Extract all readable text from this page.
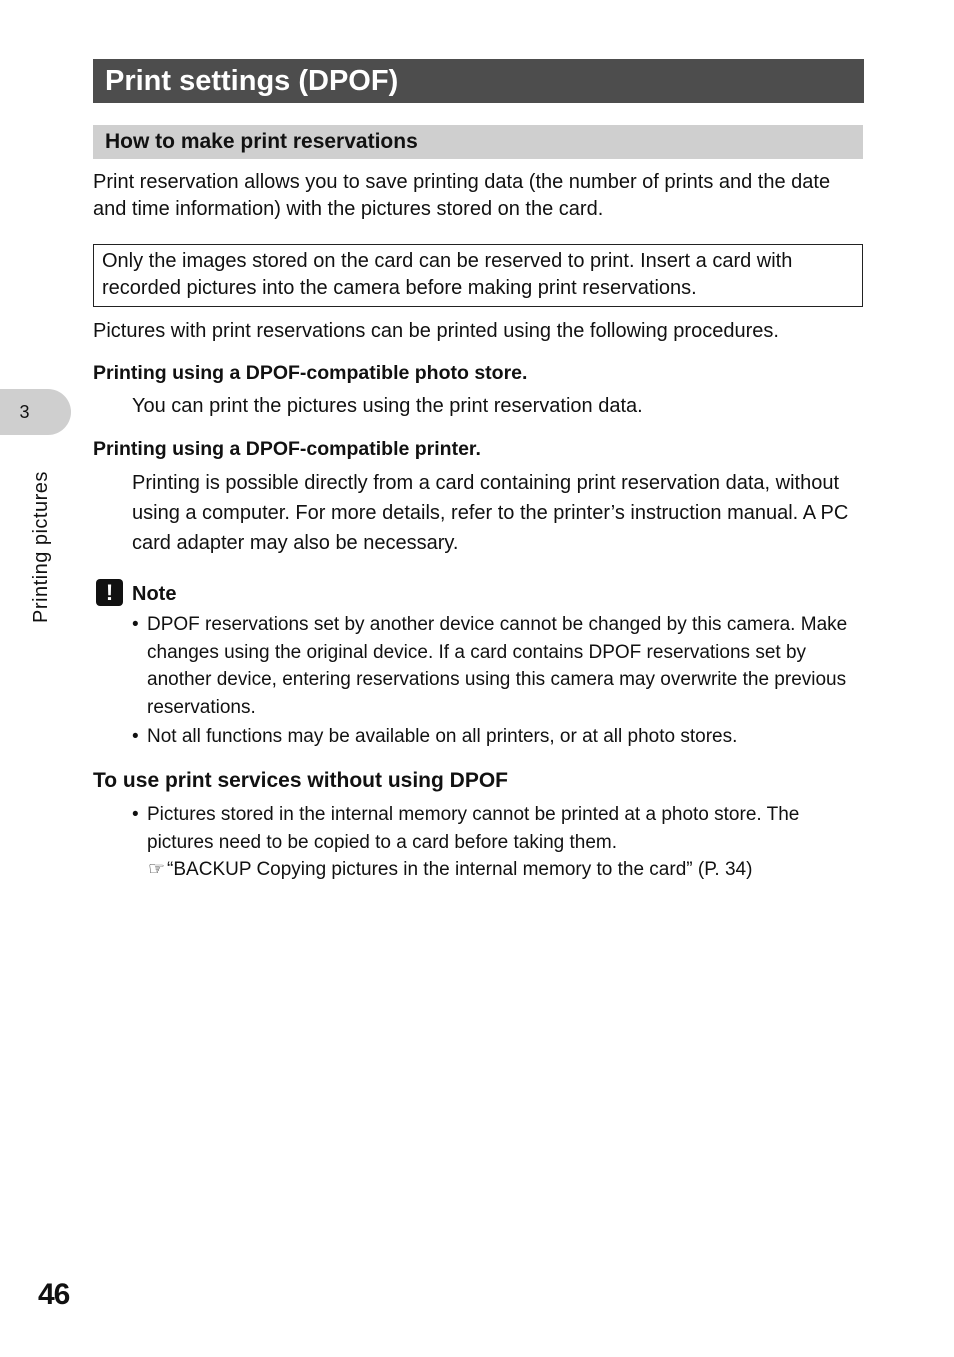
Print settings (DPOF)
How to make print reservations
Print reservation allows you to save printing data (the number of prints and the date and time information) with the pictures stored on the card.
Only the images stored on the card can be reserved to print. Insert a card with recorded pictures into the camera before making print reservations.
Pictures with print reservations can be printed using the following procedures.
Printing using a DPOF-compatible photo store.
You can print the pictures using the print reservation data.
Printing using a DPOF-compatible printer.
Printing is possible directly from a card containing print reservation data, without using a computer. For more details, refer to the printer’s instruction manual. A PC card adapter may also be necessary.
! Note
• DPOF reservations set by another device cannot be changed by this camera. Make changes using the original device. If a card contains DPOF reservations set by another device, entering reservations using this camera may overwrite the previous reservations.
• Not all functions may be available on all printers, or at all photo stores.
To use print services without using DPOF
• Pictures stored in the internal memory cannot be printed at a photo store. The pictures need to be copied to a card before taking them.
☞ “BACKUP Copying pictures in the internal memory to the card” (P. 34)
3
Printing pictures
46
